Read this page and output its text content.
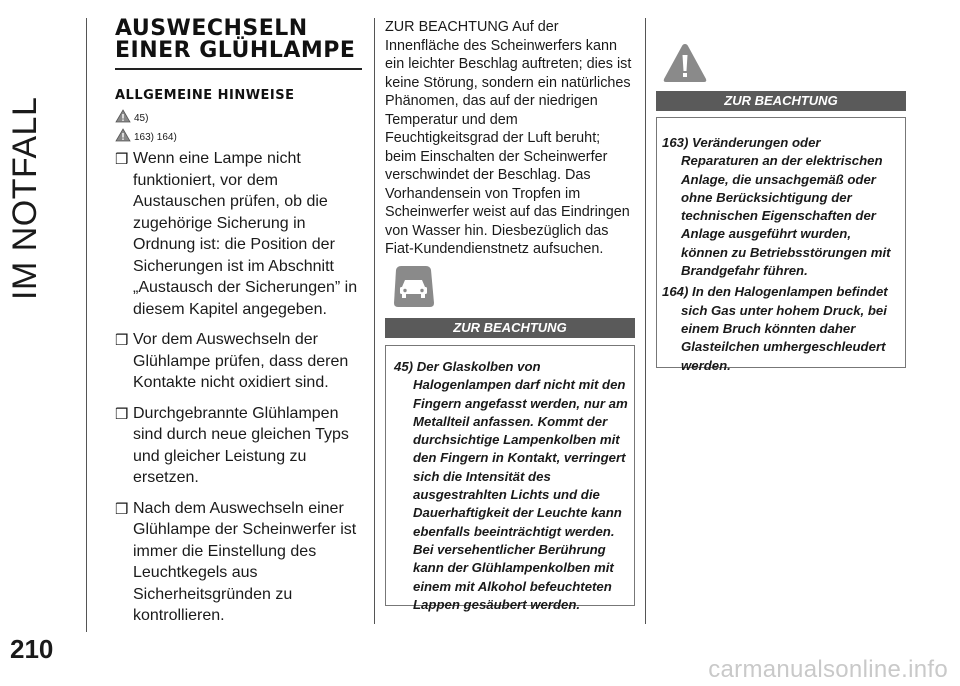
IM NOTFALL
AUSWECHSELN
EINER GLÜHLAMPE
ALLGEMEINE HINWEISE
45)
163) 164)
❒ Wenn eine Lampe nicht funktioniert, vor dem Austauschen prüfen, ob die zugehörige Sicherung in Ordnung ist: die Position der Sicherungen ist im Abschnitt „Austausch der Sicherungen” in diesem Kapitel angegeben.
❒ Vor dem Auswechseln der Glühlampe prüfen, dass deren Kontakte nicht oxidiert sind.
❒ Durchgebrannte Glühlampen sind durch neue gleichen Typs und gleicher Leistung zu ersetzen.
❒ Nach dem Auswechseln einer Glühlampe der Scheinwerfer ist immer die Einstellung des Leuchtkegels aus Sicherheitsgründen zu kontrollieren.

ZUR BEACHTUNG Auf der Innenfläche des Scheinwerfers kann ein leichter Beschlag auftreten; dies ist keine Störung, sondern ein natürliches Phänomen, das auf der niedrigen Temperatur und dem Feuchtigkeitsgrad der Luft beruht; beim Einschalten der Scheinwerfer verschwindet der Beschlag. Das Vorhandensein von Tropfen im Scheinwerfer weist auf das Eindringen von Wasser hin. Diesbezüglich das Fiat-Kundendienstnetz aufsuchen.

ZUR BEACHTUNG

45) Der Glaskolben von Halogenlampen darf nicht mit den Fingern angefasst werden, nur am Metallteil anfassen. Kommt der durchsichtige Lampenkolben mit den Fingern in Kontakt, verringert sich die Intensität des ausgestrahlten Lichts und die Dauerhaftigkeit der Leuchte kann ebenfalls beeinträchtigt werden. Bei versehentlicher Berührung kann der Glühlampenkolben mit einem mit Alkohol befeuchteten Lappen gesäubert werden.

ZUR BEACHTUNG

163) Veränderungen oder Reparaturen an der elektrischen Anlage, die unsachgemäß oder ohne Berücksichtigung der technischen Eigenschaften der Anlage ausgeführt wurden, können zu Betriebsstörungen mit Brandgefahr führen.

164) In den Halogenlampen befindet sich Gas unter hohem Druck, bei einem Bruch könnten daher Glasteilchen umhergeschleudert werden.

210
carmanualsonline.info
